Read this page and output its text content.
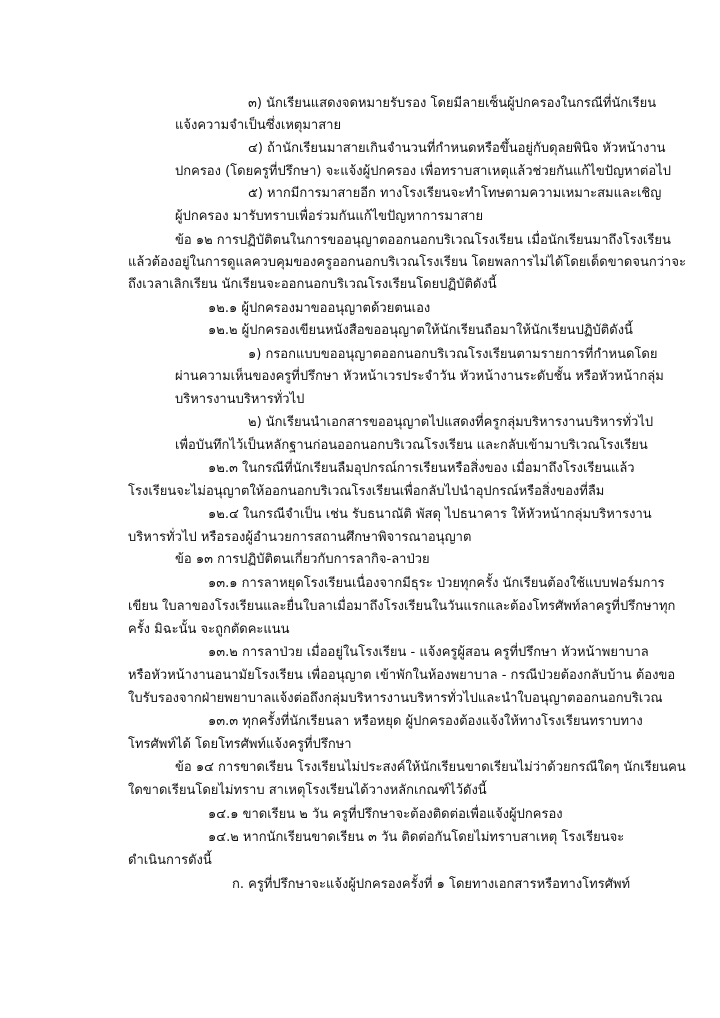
๓) นักเรียนแสดงจดหมายรับรอง โดยมีลายเซ็นผู้ปกครองในกรณีที่นักเรียน

แจ้งความจำเป็นซึ่งเหตุมาสาย

๔) ถ้านักเรียนมาสายเกินจำนวนที่กำหนดหรือขึ้นอยู่กับดุลยพินิจ หัวหน้างาน

ปกครอง (โดยครูที่ปรึกษา) จะแจ้งผู้ปกครอง เพื่อทราบสาเหตุแล้วช่วยกันแก้ไขปัญหาต่อไป

๕) หากมีการมาสายอีก ทางโรงเรียนจะทำโทษตามความเหมาะสมและเชิญ

ผู้ปกครอง มารับทราบเพื่อร่วมกันแก้ไขปัญหาการมาสาย

ข้อ ๑๒ การปฏิบัติตนในการขออนุญาตออกนอกบริเวณโรงเรียน เมื่อนักเรียนมาถึงโรงเรียน

แล้วต้องอยู่ในการดูแลควบคุมของครูออกนอกบริเวณโรงเรียน โดยพลการไม่ได้โดยเด็ดขาดจนกว่าจะ

ถึงเวลาเลิกเรียน นักเรียนจะออกนอกบริเวณโรงเรียนโดยปฏิบัติดังนี้

๑๒.๑ ผู้ปกครองมาขออนุญาตด้วยตนเอง

๑๒.๒ ผู้ปกครองเขียนหนังสือขออนุญาตให้นักเรียนถือมาให้นักเรียนปฏิบัติดังนี้

๑) กรอกแบบขออนุญาตออกนอกบริเวณโรงเรียนตามรายการที่กำหนดโดย

ผ่านความเห็นของครูที่ปรึกษา หัวหน้าเวรประจำวัน หัวหน้างานระดับชั้น หรือหัวหน้ากลุ่ม

บริหารงานบริหารทั่วไป

๒) นักเรียนนำเอกสารขออนุญาตไปแสดงที่ครูกลุ่มบริหารงานบริหารทั่วไป

เพื่อบันทึกไว้เป็นหลักฐานก่อนออกนอกบริเวณโรงเรียน และกลับเข้ามาบริเวณโรงเรียน

๑๒.๓ ในกรณีที่นักเรียนลืมอุปกรณ์การเรียนหรือสิ่งของ เมื่อมาถึงโรงเรียนแล้ว

โรงเรียนจะไม่อนุญาตให้ออกนอกบริเวณโรงเรียนเพื่อกลับไปนำอุปกรณ์หรือสิ่งของที่ลืม

๑๒.๔ ในกรณีจำเป็น เช่น รับธนาณัติ พัสดุ ไปธนาคาร ให้หัวหน้ากลุ่มบริหารงาน

บริหารทั่วไป หรือรองผู้อำนวยการสถานศึกษาพิจารณาอนุญาต

ข้อ ๑๓ การปฏิบัติตนเกี่ยวกับการลากิจ-ลาป่วย

๑๓.๑ การลาหยุดโรงเรียนเนื่องจากมีธุระ ป่วยทุกครั้ง นักเรียนต้องใช้แบบฟอร์มการ

เขียน ใบลาของโรงเรียนและยื่นใบลาเมื่อมาถึงโรงเรียนในวันแรกและต้องโทรศัพท์ลาครูที่ปรึกษาทุก

ครั้ง มิฉะนั้น จะถูกตัดคะแนน

๑๓.๒ การลาป่วย เมื่ออยู่ในโรงเรียน - แจ้งครูผู้สอน ครูที่ปรึกษา หัวหน้าพยาบาล

หรือหัวหน้างานอนามัยโรงเรียน เพื่ออนุญาต เข้าพักในห้องพยาบาล - กรณีป่วยต้องกลับบ้าน ต้องขอ

ใบรับรองจากฝ่ายพยาบาลแจ้งต่อถึงกลุ่มบริหารงานบริหารทั่วไปและนำใบอนุญาตออกนอกบริเวณ

๑๓.๓ ทุกครั้งที่นักเรียนลา หรือหยุด ผู้ปกครองต้องแจ้งให้ทางโรงเรียนทราบทาง

โทรศัพท์ได้ โดยโทรศัพท์แจ้งครูที่ปรึกษา

ข้อ ๑๔ การขาดเรียน โรงเรียนไม่ประสงค์ให้นักเรียนขาดเรียนไม่ว่าด้วยกรณีใดๆ นักเรียนคน

ใดขาดเรียนโดยไม่ทราบ สาเหตุโรงเรียนได้วางหลักเกณฑ์ไว้ดังนี้

๑๔.๑ ขาดเรียน ๒ วัน ครูที่ปรึกษาจะต้องติดต่อเพื่อแจ้งผู้ปกครอง

๑๔.๒ หากนักเรียนขาดเรียน ๓ วัน ติดต่อกันโดยไม่ทราบสาเหตุ โรงเรียนจะ

ดำเนินการดังนี้

ก. ครูที่ปรึกษาจะแจ้งผู้ปกครองครั้งที่ ๑ โดยทางเอกสารหรือทางโทรศัพท์
